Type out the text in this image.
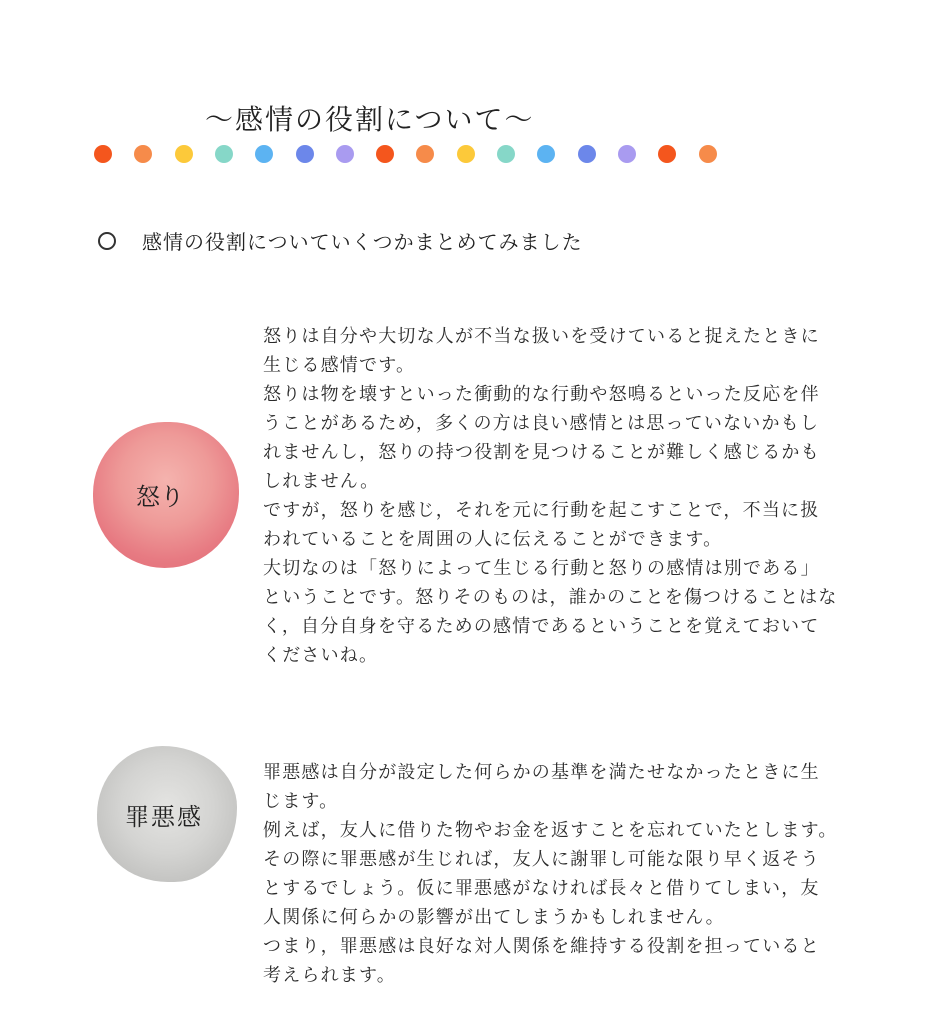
～感情の役割について～
感情の役割についていくつかまとめてみました
怒り

怒りは自分や大切な人が不当な扱いを受けていると捉えたときに生じる感情です。

怒りは物を壊すといった衝動的な行動や怒鳴るといった反応を伴うことがあるため，多くの方は良い感情とは思っていないかもしれませんし，怒りの持つ役割を見つけることが難しく感じるかもしれません。

ですが，怒りを感じ，それを元に行動を起こすことで，不当に扱われていることを周囲の人に伝えることができます。

大切なのは「怒りによって生じる行動と怒りの感情は別である」ということです。怒りそのものは，誰かのことを傷つけることはなく，自分自身を守るための感情であるということを覚えておいてくださいね。

罪悪感

罪悪感は自分が設定した何らかの基準を満たせなかったときに生じます。

例えば，友人に借りた物やお金を返すことを忘れていたとします。その際に罪悪感が生じれば，友人に謝罪し可能な限り早く返そうとするでしょう。仮に罪悪感がなければ長々と借りてしまい，友人関係に何らかの影響が出てしまうかもしれません。

つまり，罪悪感は良好な対人関係を維持する役割を担っていると考えられます。
